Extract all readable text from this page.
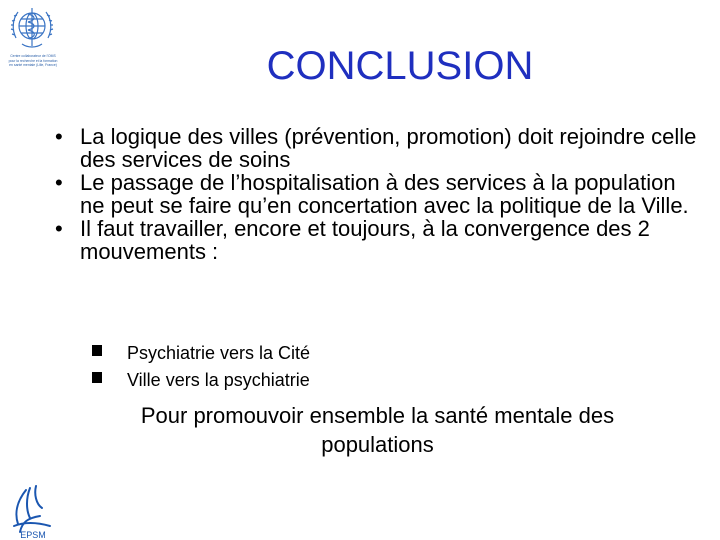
Centre collaborateur de l'OMS
pour la recherche et la formation
en santé mentale (Lille, France)	CONCLUSION
• La logique des villes (prévention, promotion) doit rejoindre celle des services de soins
• Le passage de l’hospitalisation à des services à la population ne peut se faire qu’en concertation avec la politique de la Ville.
• Il faut travailler, encore et toujours, à la convergence des 2 mouvements :
Psychiatrie vers la Cité
Ville vers la psychiatrie
Pour promouvoir ensemble la santé mentale des populations
EPSM
